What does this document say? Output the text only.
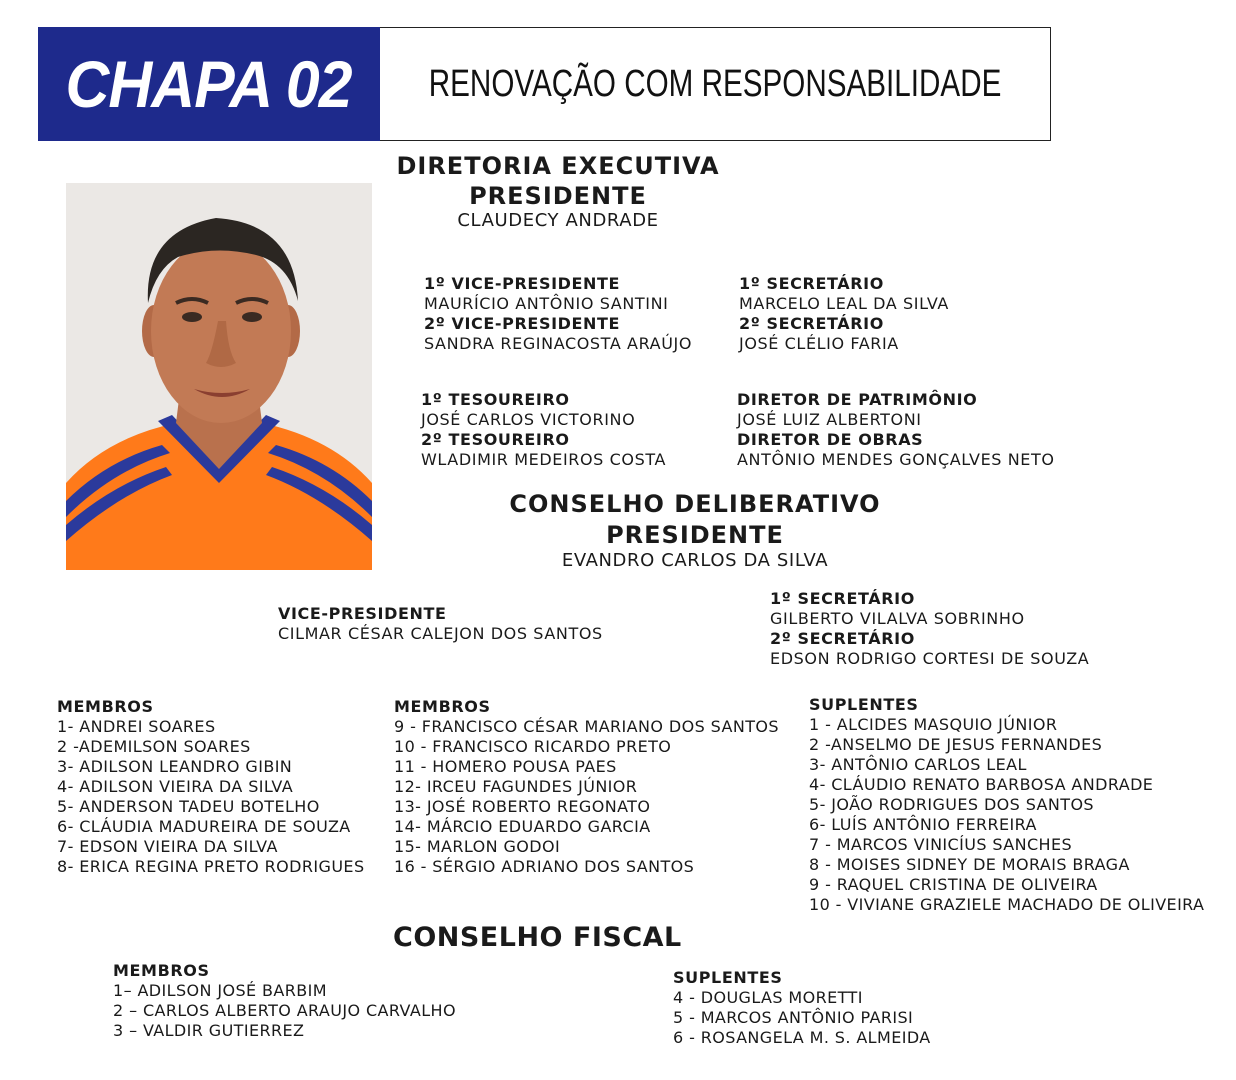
CHAPA 02 RENOVAÇÃO COM RESPONSABILIDADE
DIRETORIA EXECUTIVA
PRESIDENTE
CLAUDECY ANDRADE
1º VICE-PRESIDENTE
MAURÍCIO ANTÔNIO SANTINI
2º VICE-PRESIDENTE
SANDRA REGINACOSTA ARAÚJO
1º SECRETÁRIO
MARCELO LEAL DA SILVA
2º SECRETÁRIO
JOSÉ CLÉLIO FARIA
1º TESOUREIRO
JOSÉ CARLOS VICTORINO
2º TESOUREIRO
WLADIMIR MEDEIROS COSTA
DIRETOR DE PATRIMÔNIO
JOSÉ LUIZ ALBERTONI
DIRETOR DE OBRAS
ANTÔNIO MENDES GONÇALVES NETO
CONSELHO DELIBERATIVO
PRESIDENTE
EVANDRO CARLOS DA SILVA
VICE-PRESIDENTE
CILMAR CÉSAR CALEJON DOS SANTOS
1º SECRETÁRIO
GILBERTO VILALVA SOBRINHO
2º SECRETÁRIO
EDSON RODRIGO CORTESI DE SOUZA
MEMBROS
1- ANDREI SOARES
2 -ADEMILSON SOARES
3- ADILSON LEANDRO GIBIN
4- ADILSON VIEIRA DA SILVA
5- ANDERSON TADEU BOTELHO
6- CLÁUDIA MADUREIRA DE SOUZA
7- EDSON VIEIRA DA SILVA
8- ERICA REGINA PRETO RODRIGUES
MEMBROS
9 - FRANCISCO CÉSAR MARIANO DOS SANTOS
10 - FRANCISCO RICARDO PRETO
11 - HOMERO POUSA PAES
12- IRCEU FAGUNDES JÚNIOR
13- JOSÉ ROBERTO REGONATO
14- MÁRCIO EDUARDO GARCIA
15- MARLON GODOI
16 - SÉRGIO ADRIANO DOS SANTOS
SUPLENTES
1 - ALCIDES MASQUIO JÚNIOR
2 -ANSELMO DE JESUS FERNANDES
3- ANTÔNIO CARLOS LEAL
4- CLÁUDIO RENATO BARBOSA ANDRADE
5- JOÃO RODRIGUES DOS SANTOS
6- LUÍS ANTÔNIO FERREIRA
7 - MARCOS VINICÍUS SANCHES
8 - MOISES SIDNEY DE MORAIS BRAGA
9 - RAQUEL CRISTINA DE OLIVEIRA
10 - VIVIANE GRAZIELE MACHADO DE OLIVEIRA
CONSELHO FISCAL
MEMBROS
1– ADILSON JOSÉ BARBIM
2 – CARLOS ALBERTO ARAUJO CARVALHO
3 – VALDIR GUTIERREZ
SUPLENTES
4 - DOUGLAS MORETTI
5 - MARCOS ANTÔNIO PARISI
6 - ROSANGELA M. S. ALMEIDA
